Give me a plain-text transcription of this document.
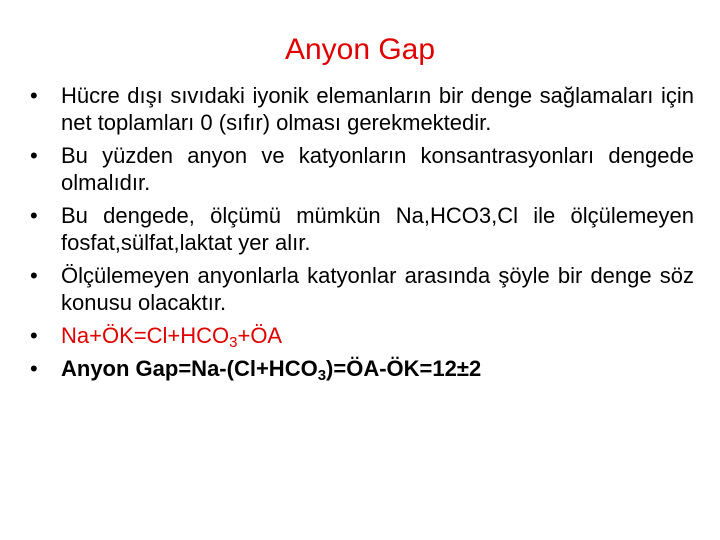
Anyon Gap
•	Hücre dışı sıvıdaki iyonik elemanların bir denge sağlamaları için net toplamları 0 (sıfır) olması gerekmektedir.
•	Bu yüzden anyon ve katyonların konsantrasyonları dengede olmalıdır.
•	Bu dengede, ölçümü mümkün Na,HCO3,Cl ile ölçülemeyen fosfat,sülfat,laktat yer alır.
•	Ölçülemeyen anyonlarla katyonlar arasında şöyle bir denge söz konusu olacaktır.
•	$Na+ÖK=Cl+HCO_3+ÖA$
•	Anyon $Gap=Na-(Cl+HCO_3)=ÖA-ÖK=12\pm 2$
